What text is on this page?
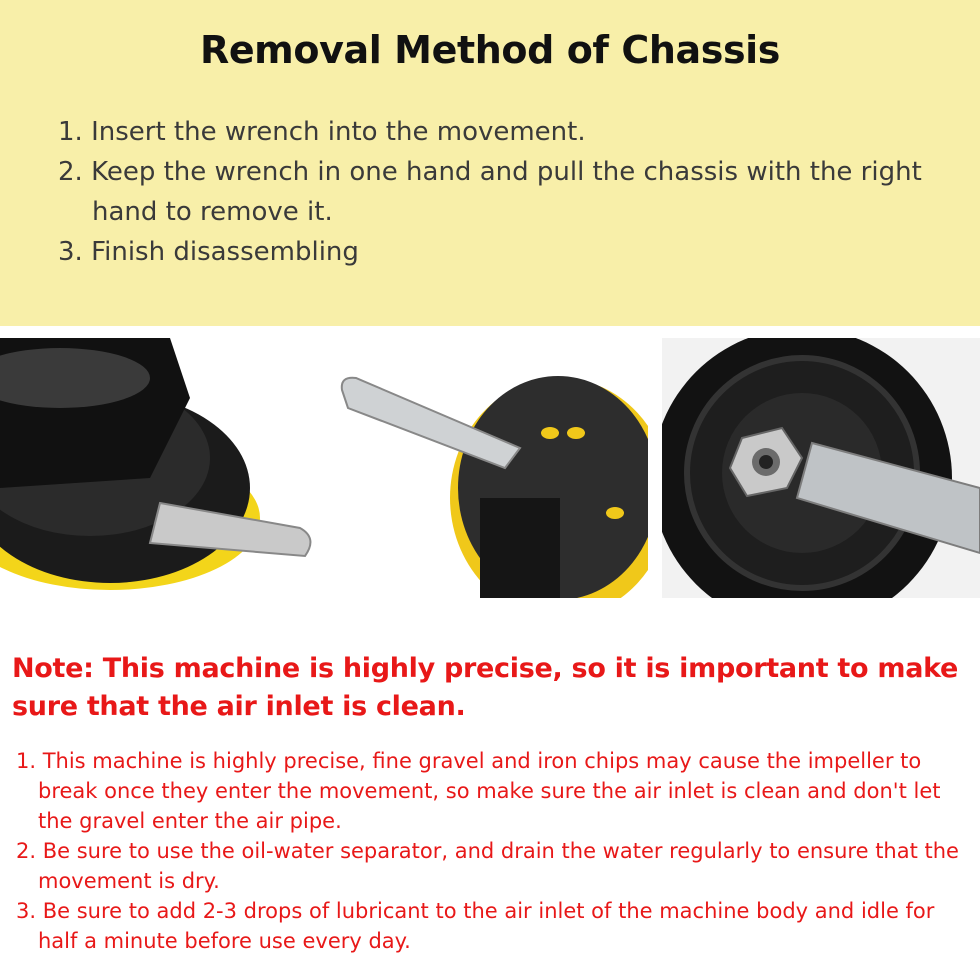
Removal Method of Chassis
1. Insert the wrench into the movement.
2. Keep the wrench in one hand and pull the chassis with the right hand to remove it.
3. Finish disassembling
Note: This machine is highly precise, so it is important to make sure that the air inlet is clean.
1. This machine is highly precise, fine gravel and iron chips may cause the impeller to break once they enter the movement, so make sure the air inlet is clean and don't let the gravel enter the air pipe.
2. Be sure to use the oil-water separator, and drain the water regularly to ensure that the movement is dry.
3. Be sure to add 2-3 drops of lubricant to the air inlet of the machine body and idle for half a minute before use every day.
